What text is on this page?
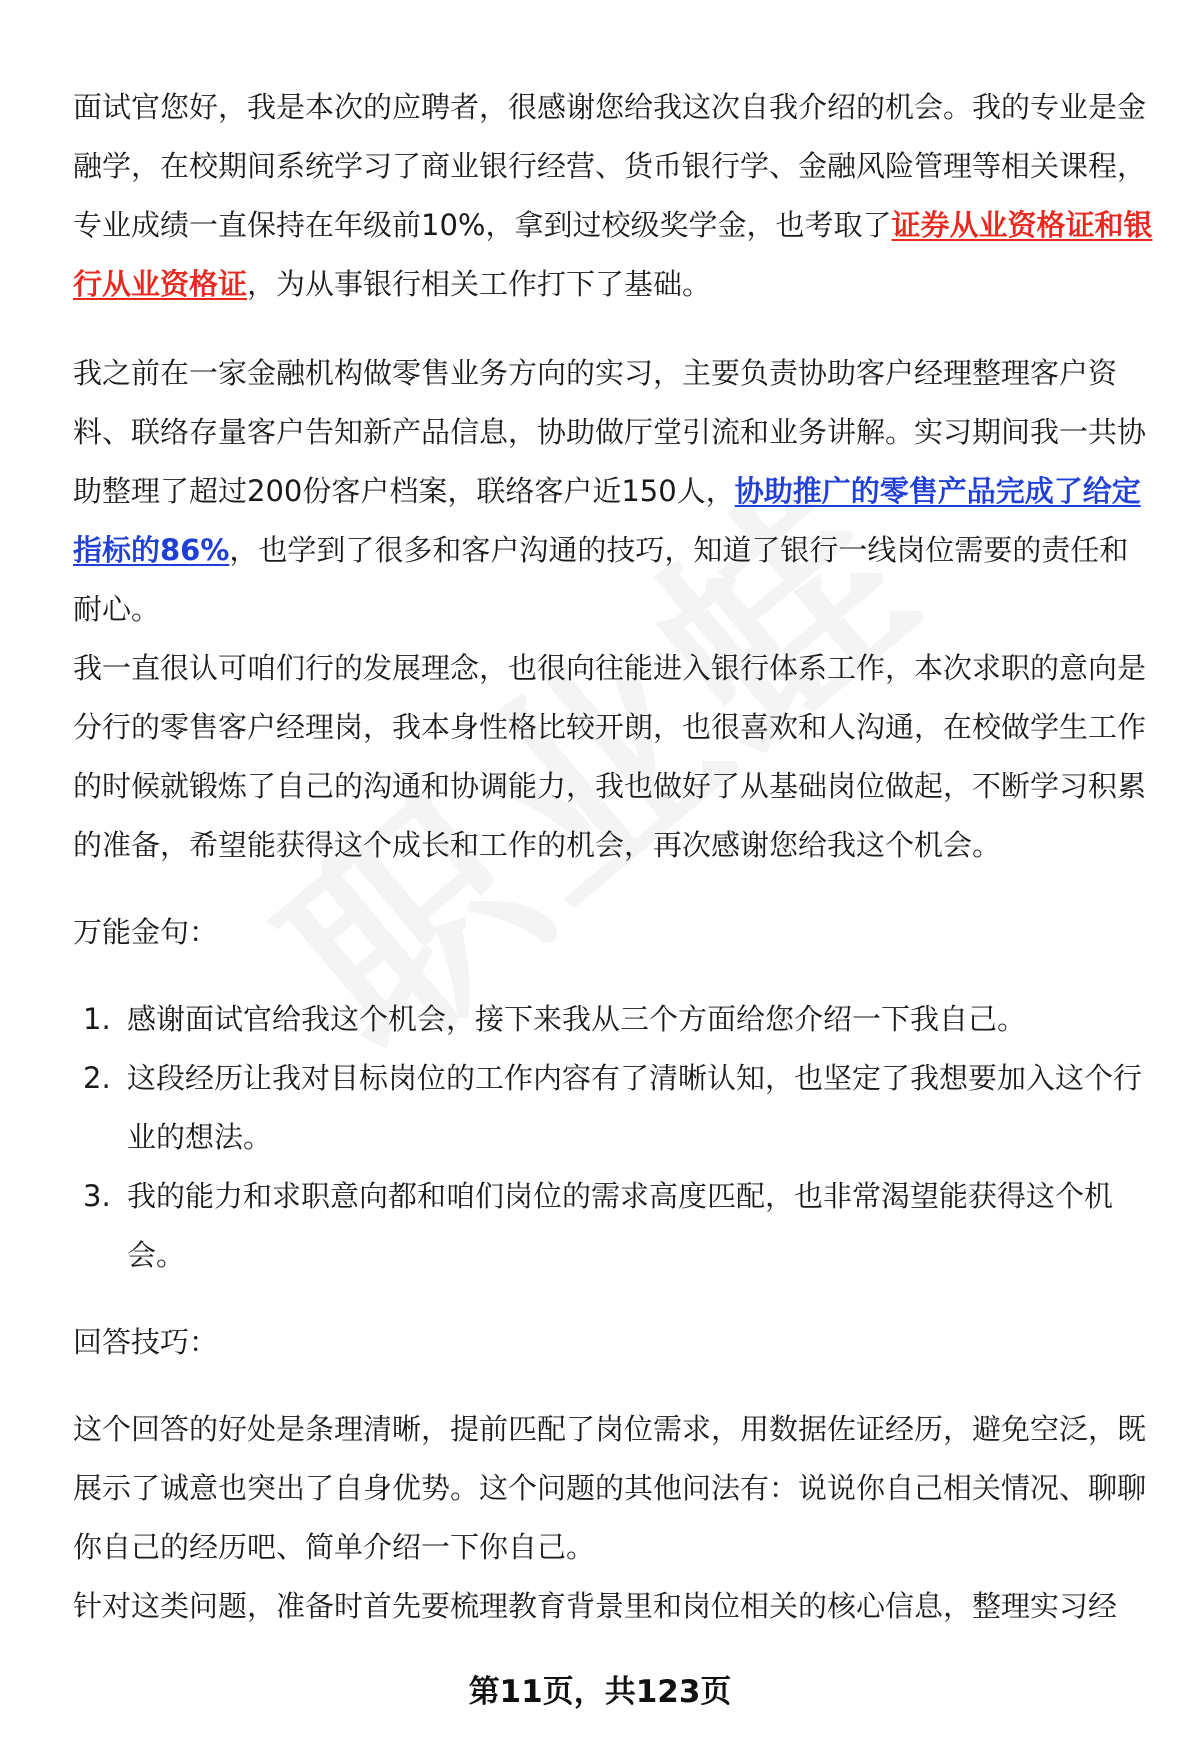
面试官您好，我是本次的应聘者，很感谢您给我这次自我介绍的机会。我的专业是金融学，在校期间系统学习了商业银行经营、货币银行学、金融风险管理等相关课程，专业成绩一直保持在年级前10%，拿到过校级奖学金，也考取了证券从业资格证和银行从业资格证，为从事银行相关工作打下了基础。

我之前在一家金融机构做零售业务方向的实习，主要负责协助客户经理整理客户资料、联络存量客户告知新产品信息，协助做厅堂引流和业务讲解。实习期间我一共协助整理了超过200份客户档案，联络客户近150人，协助推广的零售产品完成了给定指标的86%，也学到了很多和客户沟通的技巧，知道了银行一线岗位需要的责任和耐心。

我一直很认可咱们行的发展理念，也很向往能进入银行体系工作，本次求职的意向是分行的零售客户经理岗，我本身性格比较开朗，也很喜欢和人沟通，在校做学生工作的时候就锻炼了自己的沟通和协调能力，我也做好了从基础岗位做起，不断学习积累的准备，希望能获得这个成长和工作的机会，再次感谢您给我这个机会。

万能金句：

1. 感谢面试官给我这个机会，接下来我从三个方面给您介绍一下我自己。
2. 这段经历让我对目标岗位的工作内容有了清晰认知，也坚定了我想要加入这个行业的想法。
3. 我的能力和求职意向都和咱们岗位的需求高度匹配，也非常渴望能获得这个机会。

回答技巧：

这个回答的好处是条理清晰，提前匹配了岗位需求，用数据佐证经历，避免空泛，既展示了诚意也突出了自身优势。这个问题的其他问法有：说说你自己相关情况、聊聊你自己的经历吧、简单介绍一下你自己。

针对这类问题，准备时首先要梳理教育背景里和岗位相关的核心信息，整理实习经

第11页，共123页
